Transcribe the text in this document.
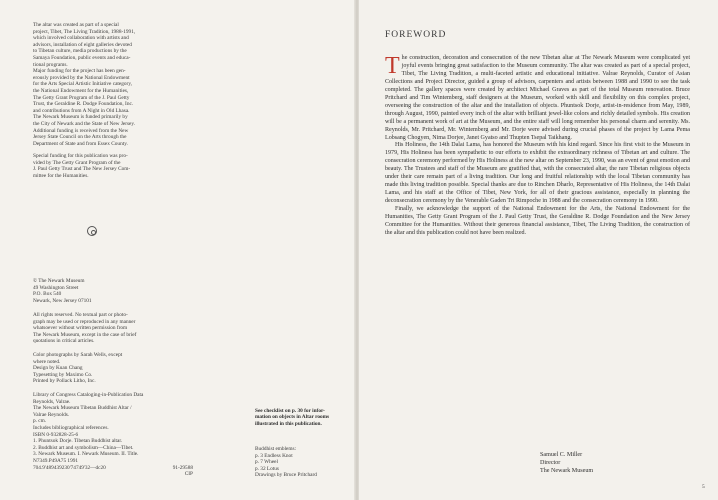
The altar was created as part of a special

project, Tibet, The Living Tradition, 1988-1991,

which involved collaboration with artists and

advisors, installation of eight galleries devoted

to Tibetan culture, media productions by the

Samaya Foundation, public events and educa-

tional programs.

Major funding for the project has been gen-

erously provided by the National Endowment

for the Arts Special Artistic Initiative category,

the National Endowment for the Humanities,

The Getty Grant Program of the J. Paul Getty

Trust, the Geraldine R. Dodge Foundation, Inc.

and contributions from A Night in Old Lhasa.

The Newark Museum is funded primarily by

the City of Newark and the State of New Jersey.

Additional funding is received from the New

Jersey State Council on the Arts through the

Department of State and from Essex County.

Special funding for this publication was pro-

vided by The Getty Grant Program of the

J. Paul Getty Trust and The New Jersey Com-

mittee for the Humanities.

© The Newark Museum

49 Washington Street

P.O. Box 540

Newark, New Jersey 07101

All rights reserved. No textual part or photo-

graph may be used or reproduced in any manner

whatsoever without written permission from

The Newark Museum, except in the case of brief

quotations in critical articles.

Color photographs by Sarah Wells, except

where noted.

Design by Kuan Chang

Typesetting by Maximo Co.

Printed by Pollack Litho, Inc.

Library of Congress Cataloging-in-Publication Data

Reynolds, Valrae.

The Newark Museum Tibetan Buddhist Altar /

Valrae Reynolds.

p. cm.

Includes bibliographical references.

ISBN 0-932828-25-6

1. Phuntsok Dorje. Tibetan Buddhist altar.

2. Buddhist art and symbolism—China—Tibet.

3. Newark Museum. I. Newark Museum. II. Title.

N7349.P49A75 1991

704.9'489439230'74749'32—dc20	91-29588

CIP

See checklist on p. 30 for infor-

mation on objects in Altar rooms

illustrated in this publication.

Buddhist emblems:

p. 3 Endless Knot

p. 7 Wheel

p. 32 Lotus

Drawings by Bruce Pritchard

FOREWORD

The construction, decoration and consecration of the new Tibetan altar at The Newark Museum were complicated yet joyful events bringing great satisfaction to the Museum community. The altar was created as part of a special project, Tibet, The Living Tradition, a multi-faceted artistic and educational initiative. Valrae Reynolds, Curator of Asian Collections and Project Director, guided a group of advisors, carpenters and artists between 1988 and 1990 to see the task completed. The gallery spaces were created by architect Michael Graves as part of the total Museum renovation. Bruce Pritchard and Tim Wintemberg, staff designers at the Museum, worked with skill and flexibility on this complex project, overseeing the construction of the altar and the installation of objects. Phuntsok Dorje, artist-in-residence from May, 1989, through August, 1990, painted every inch of the altar with brilliant jewel-like colors and richly detailed symbols. His creation will be a permanent work of art at the Museum, and the entire staff will long remember his personal charm and serenity. Ms. Reynolds, Mr. Pritchard, Mr. Wintemberg and Mr. Dorje were advised during crucial phases of the project by Lama Pema Lobsang Chogyen, Nima Dorjee, Janet Gyatso and Thupten Tsepal Taikhang.

His Holiness, the 14th Dalai Lama, has honored the Museum with his kind regard. Since his first visit to the Museum in 1979, His Holiness has been sympathetic to our efforts to exhibit the extraordinary richness of Tibetan art and culture. The consecration ceremony performed by His Holiness at the new altar on September 23, 1990, was an event of great emotion and beauty. The Trustees and staff of the Museum are gratified that, with the consecrated altar, the rare Tibetan religious objects under their care remain part of a living tradition. Our long and fruitful relationship with the local Tibetan community has made this living tradition possible. Special thanks are due to Rinchen Dharlo, Representative of His Holiness, the 14th Dalai Lama, and his staff at the Office of Tibet, New York, for all of their gracious assistance, especially in planning the deconsecration ceremony by the Venerable Gaden Tri Rimpoche in 1988 and the consecration ceremony in 1990.

Finally, we acknowledge the support of the National Endowment for the Arts, the National Endowment for the Humanities, The Getty Grant Program of the J. Paul Getty Trust, the Geraldine R. Dodge Foundation and the New Jersey Committee for the Humanities. Without their generous financial assistance, Tibet, The Living Tradition, the construction of the altar and this publication could not have been realized.

Samuel C. Miller

Director

The Newark Museum

5
